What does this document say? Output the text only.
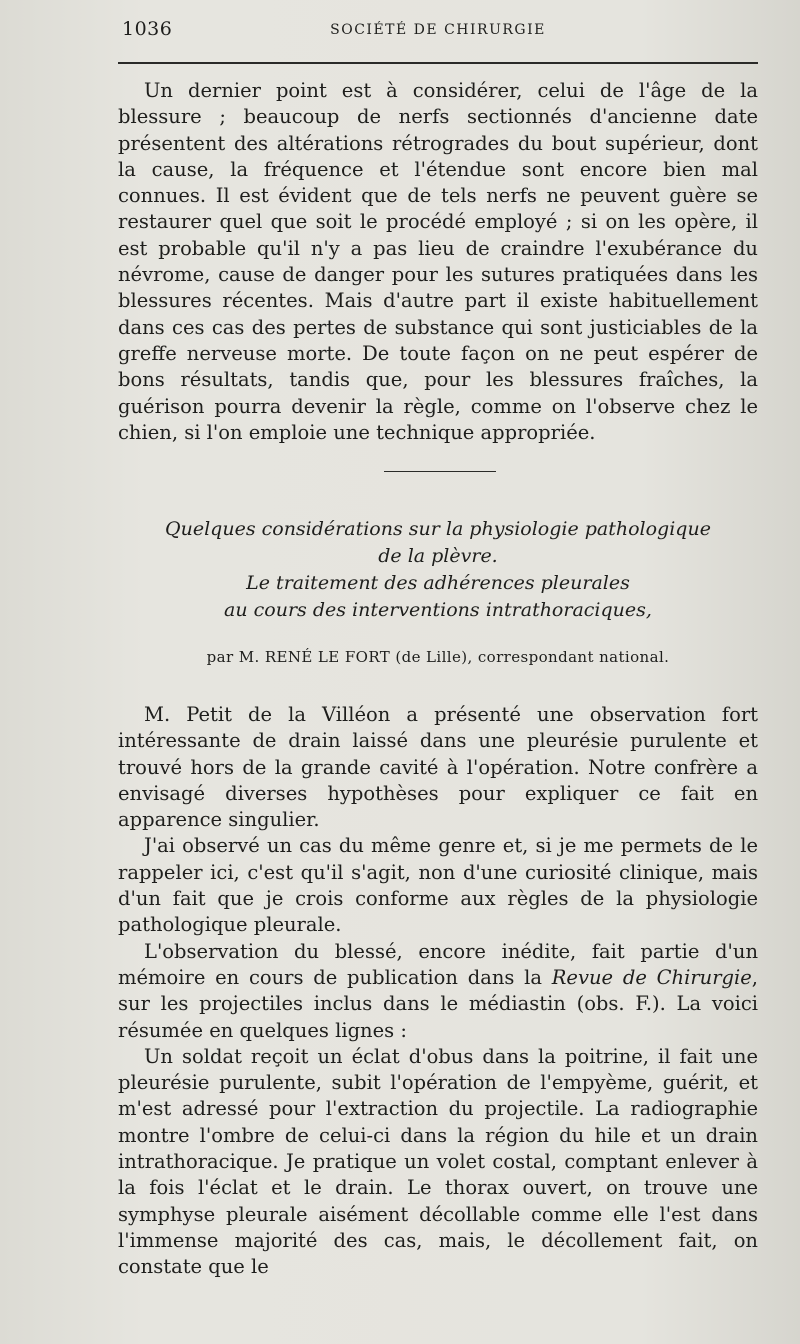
1036	SOCIÉTÉ DE CHIRURGIE

Un dernier point est à considérer, celui de l'âge de la blessure ; beaucoup de nerfs sectionnés d'ancienne date présentent des altérations rétrogrades du bout supérieur, dont la cause, la fréquence et l'étendue sont encore bien mal connues. Il est évident que de tels nerfs ne peuvent guère se restaurer quel que soit le procédé employé ; si on les opère, il est probable qu'il n'y a pas lieu de craindre l'exubérance du névrome, cause de danger pour les sutures pratiquées dans les blessures récentes. Mais d'autre part il existe habituellement dans ces cas des pertes de substance qui sont justiciables de la greffe nerveuse morte. De toute façon on ne peut espérer de bons résultats, tandis que, pour les blessures fraîches, la guérison pourra devenir la règle, comme on l'observe chez le chien, si l'on emploie une technique appropriée.

Quelques considérations sur la physiologie pathologique
de la plèvre.
Le traitement des adhérences pleurales
au cours des interventions intrathoraciques,
par M. RENÉ LE FORT (de Lille), correspondant national.

M. Petit de la Villéon a présenté une observation fort intéressante de drain laissé dans une pleurésie purulente et trouvé hors de la grande cavité à l'opération. Notre confrère a envisagé diverses hypothèses pour expliquer ce fait en apparence singulier.

J'ai observé un cas du même genre et, si je me permets de le rappeler ici, c'est qu'il s'agit, non d'une curiosité clinique, mais d'un fait que je crois conforme aux règles de la physiologie pathologique pleurale.

L'observation du blessé, encore inédite, fait partie d'un mémoire en cours de publication dans la Revue de Chirurgie, sur les projectiles inclus dans le médiastin (obs. F.). La voici résumée en quelques lignes :

Un soldat reçoit un éclat d'obus dans la poitrine, il fait une pleurésie purulente, subit l'opération de l'empyème, guérit, et m'est adressé pour l'extraction du projectile. La radiographie montre l'ombre de celui-ci dans la région du hile et un drain intrathoracique. Je pratique un volet costal, comptant enlever à la fois l'éclat et le drain. Le thorax ouvert, on trouve une symphyse pleurale aisément décollable comme elle l'est dans l'immense majorité des cas, mais, le décollement fait, on constate que le
